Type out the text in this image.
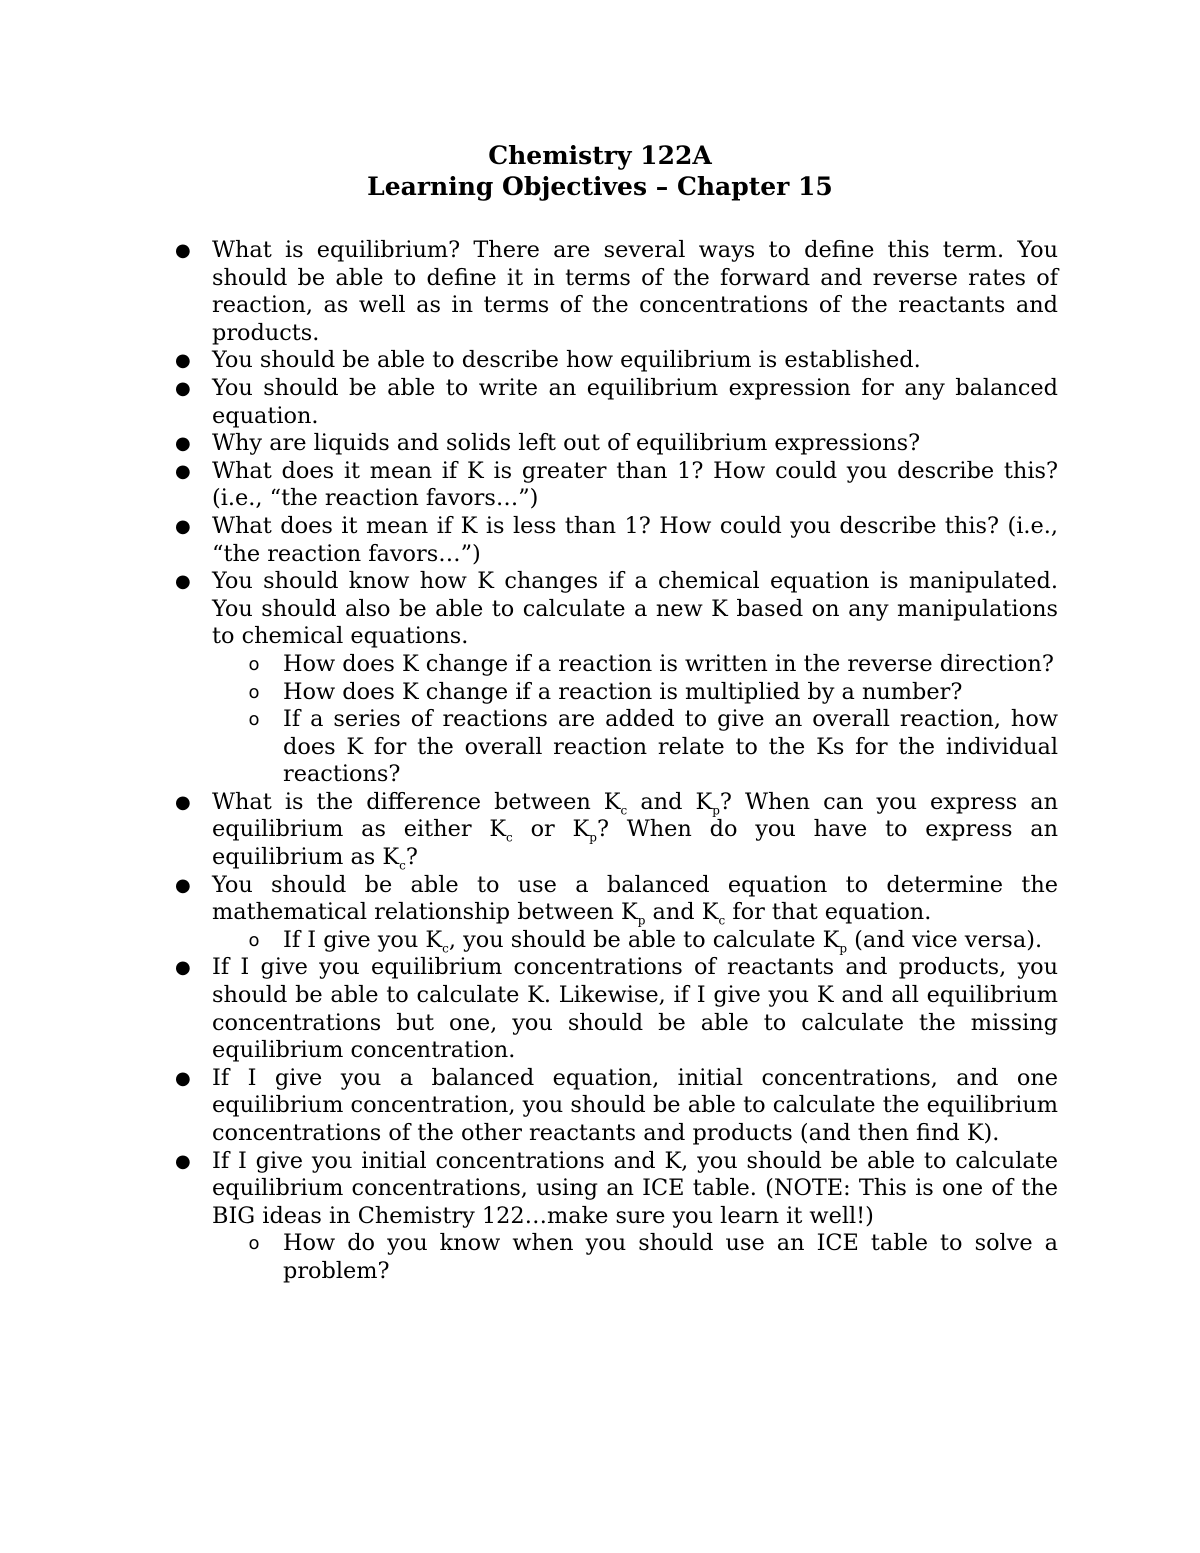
Chemistry 122A
Learning Objectives – Chapter 15
● What is equilibrium? There are several ways to define this term. You should be able to define it in terms of the forward and reverse rates of reaction, as well as in terms of the concentrations of the reactants and products.
● You should be able to describe how equilibrium is established.
● You should be able to write an equilibrium expression for any balanced equation.
● Why are liquids and solids left out of equilibrium expressions?
● What does it mean if K is greater than 1? How could you describe this? (i.e., “the reaction favors…”)
● What does it mean if K is less than 1? How could you describe this? (i.e., “the reaction favors…”)
● You should know how K changes if a chemical equation is manipulated. You should also be able to calculate a new K based on any manipulations to chemical equations.
o How does K change if a reaction is written in the reverse direction?
o How does K change if a reaction is multiplied by a number?
o If a series of reactions are added to give an overall reaction, how does K for the overall reaction relate to the Ks for the individual reactions?
● What is the difference between $K_c$ and $K_p$? When can you express an equilibrium as either $K_c$ or $K_p$? When do you have to express an equilibrium as $K_c$?
● You should be able to use a balanced equation to determine the mathematical relationship between $K_p$ and $K_c$ for that equation.
o If I give you $K_c$, you should be able to calculate $K_p$ (and vice versa).
● If I give you equilibrium concentrations of reactants and products, you should be able to calculate K. Likewise, if I give you K and all equilibrium concentrations but one, you should be able to calculate the missing equilibrium concentration.
● If I give you a balanced equation, initial concentrations, and one equilibrium concentration, you should be able to calculate the equilibrium concentrations of the other reactants and products (and then find K).
● If I give you initial concentrations and K, you should be able to calculate equilibrium concentrations, using an ICE table. (NOTE: This is one of the BIG ideas in Chemistry 122…make sure you learn it well!)
o How do you know when you should use an ICE table to solve a problem?
